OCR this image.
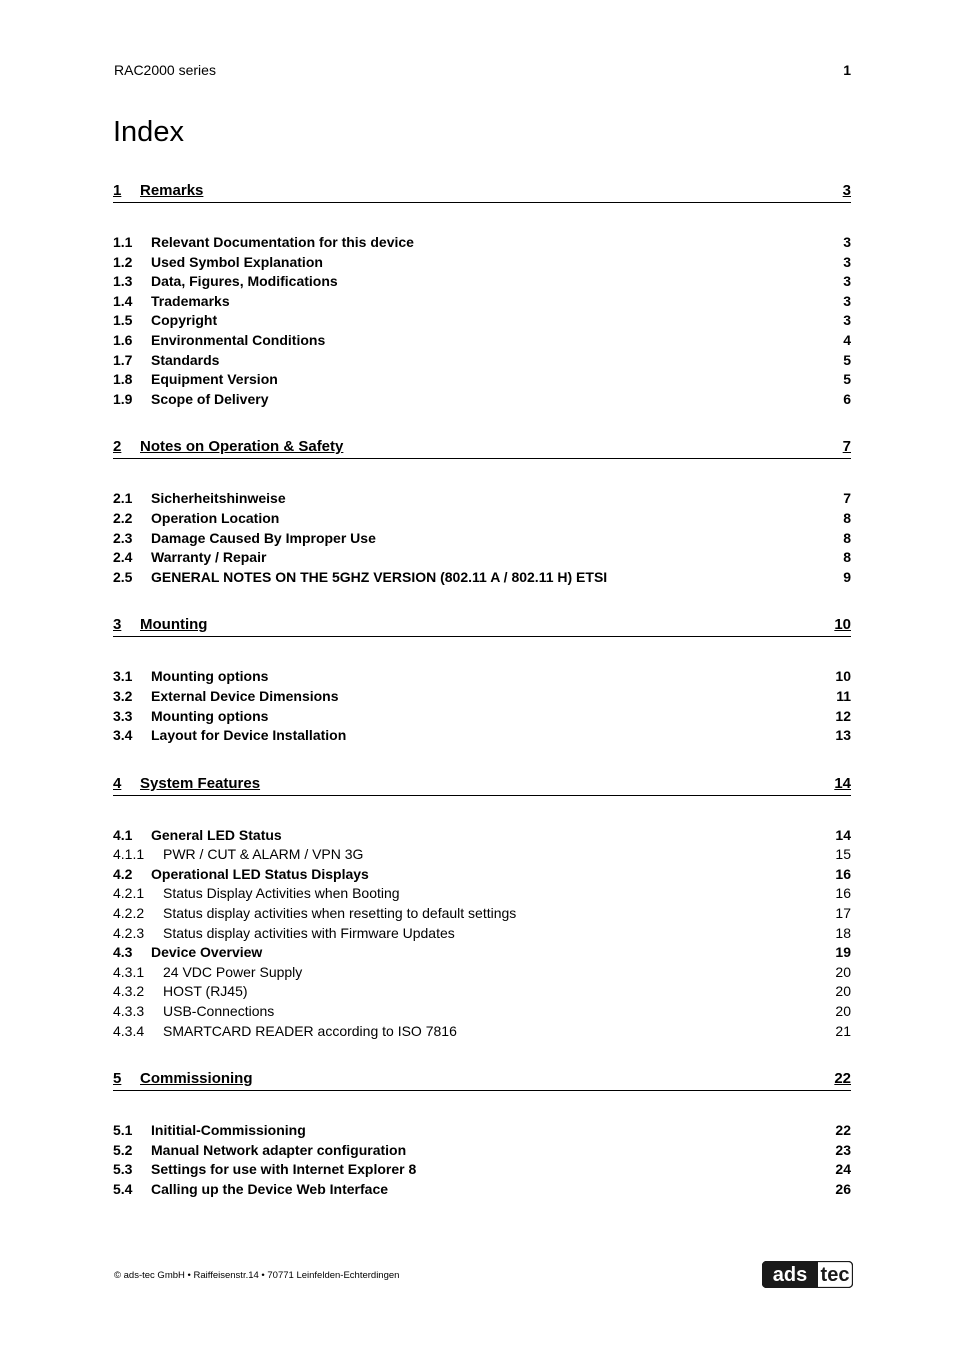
RAC2000 series	1
Index
1 Remarks	3
1.1 Relevant Documentation for this device	3
1.2 Used Symbol Explanation	3
1.3 Data, Figures, Modifications	3
1.4 Trademarks	3
1.5 Copyright	3
1.6 Environmental Conditions	4
1.7 Standards	5
1.8 Equipment Version	5
1.9 Scope of Delivery	6
2 Notes on Operation & Safety	7
2.1 Sicherheitshinweise	7
2.2 Operation Location	8
2.3 Damage Caused By Improper Use	8
2.4 Warranty / Repair	8
2.5 GENERAL NOTES ON THE 5GHZ VERSION (802.11 A / 802.11 H) ETSI	9
3 Mounting	10
3.1 Mounting options	10
3.2 External Device Dimensions	11
3.3 Mounting options	12
3.4 Layout for Device Installation	13
4 System Features	14
4.1 General LED Status	14
4.1.1 PWR / CUT & ALARM / VPN 3G	15
4.2 Operational LED Status Displays	16
4.2.1 Status Display Activities when Booting	16
4.2.2 Status display activities when resetting to default settings	17
4.2.3 Status display activities with Firmware Updates	18
4.3 Device Overview	19
4.3.1 24 VDC Power Supply	20
4.3.2 HOST (RJ45)	20
4.3.3 USB-Connections	20
4.3.4 SMARTCARD READER according to ISO 7816	21
5 Commissioning	22
5.1 Inititial-Commissioning	22
5.2 Manual Network adapter configuration	23
5.3 Settings for use with Internet Explorer 8	24
5.4 Calling up the Device Web Interface	26
© ads-tec GmbH • Raiffeisenstr.14 • 70771 Leinfelden-Echterdingen	ads tec
